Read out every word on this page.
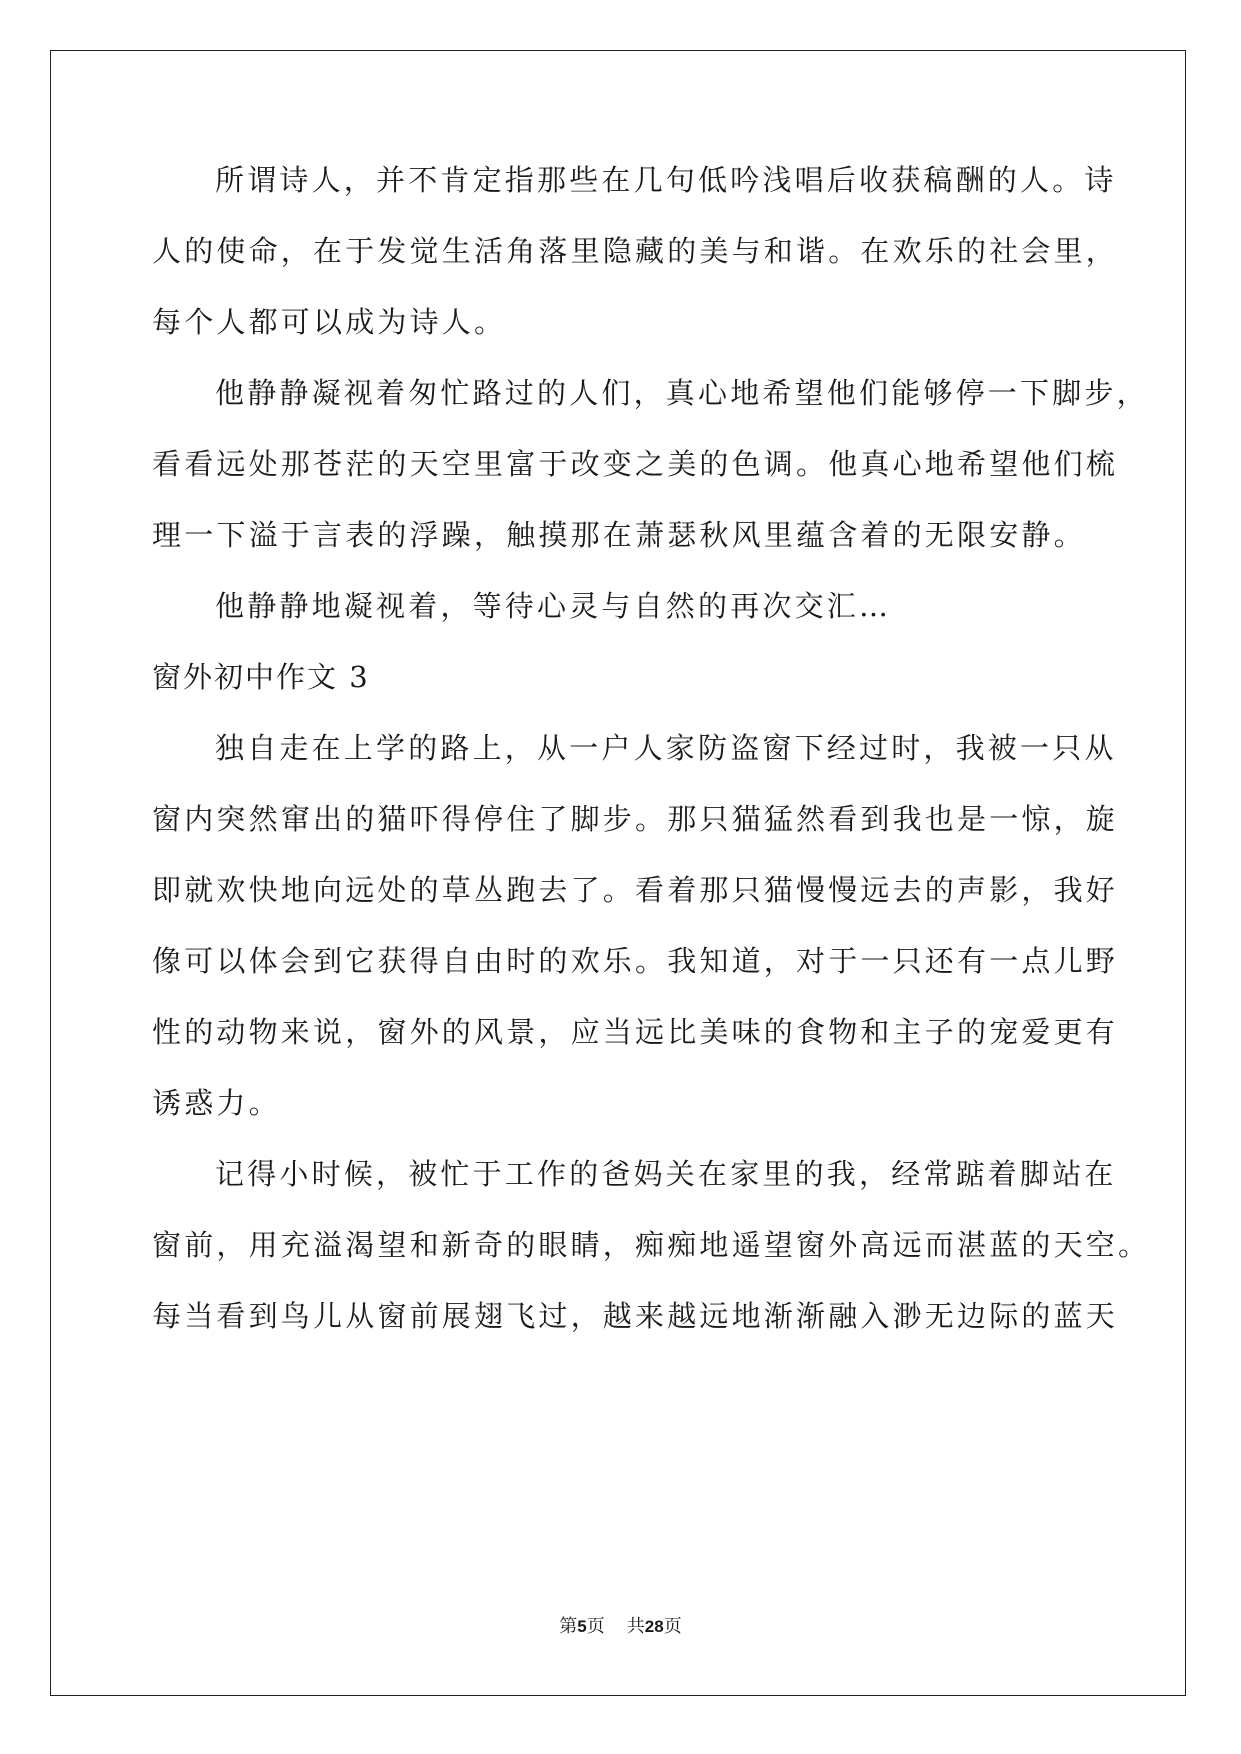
所谓诗人，并不肯定指那些在几句低吟浅唱后收获稿酬的人。诗
人的使命，在于发觉生活角落里隐藏的美与和谐。在欢乐的社会里，
每个人都可以成为诗人。
他静静凝视着匆忙路过的人们，真心地希望他们能够停一下脚步，
看看远处那苍茫的天空里富于改变之美的色调。他真心地希望他们梳
理一下溢于言表的浮躁，触摸那在萧瑟秋风里蕴含着的无限安静。
他静静地凝视着，等待心灵与自然的再次交汇…
窗外初中作文 3
独自走在上学的路上，从一户人家防盗窗下经过时，我被一只从
窗内突然窜出的猫吓得停住了脚步。那只猫猛然看到我也是一惊，旋
即就欢快地向远处的草丛跑去了。看着那只猫慢慢远去的声影，我好
像可以体会到它获得自由时的欢乐。我知道，对于一只还有一点儿野
性的动物来说，窗外的风景，应当远比美味的食物和主子的宠爱更有
诱惑力。
记得小时候，被忙于工作的爸妈关在家里的我，经常踮着脚站在
窗前，用充溢渴望和新奇的眼睛，痴痴地遥望窗外高远而湛蓝的天空。
每当看到鸟儿从窗前展翅飞过，越来越远地渐渐融入渺无边际的蓝天
第5页 共28页
